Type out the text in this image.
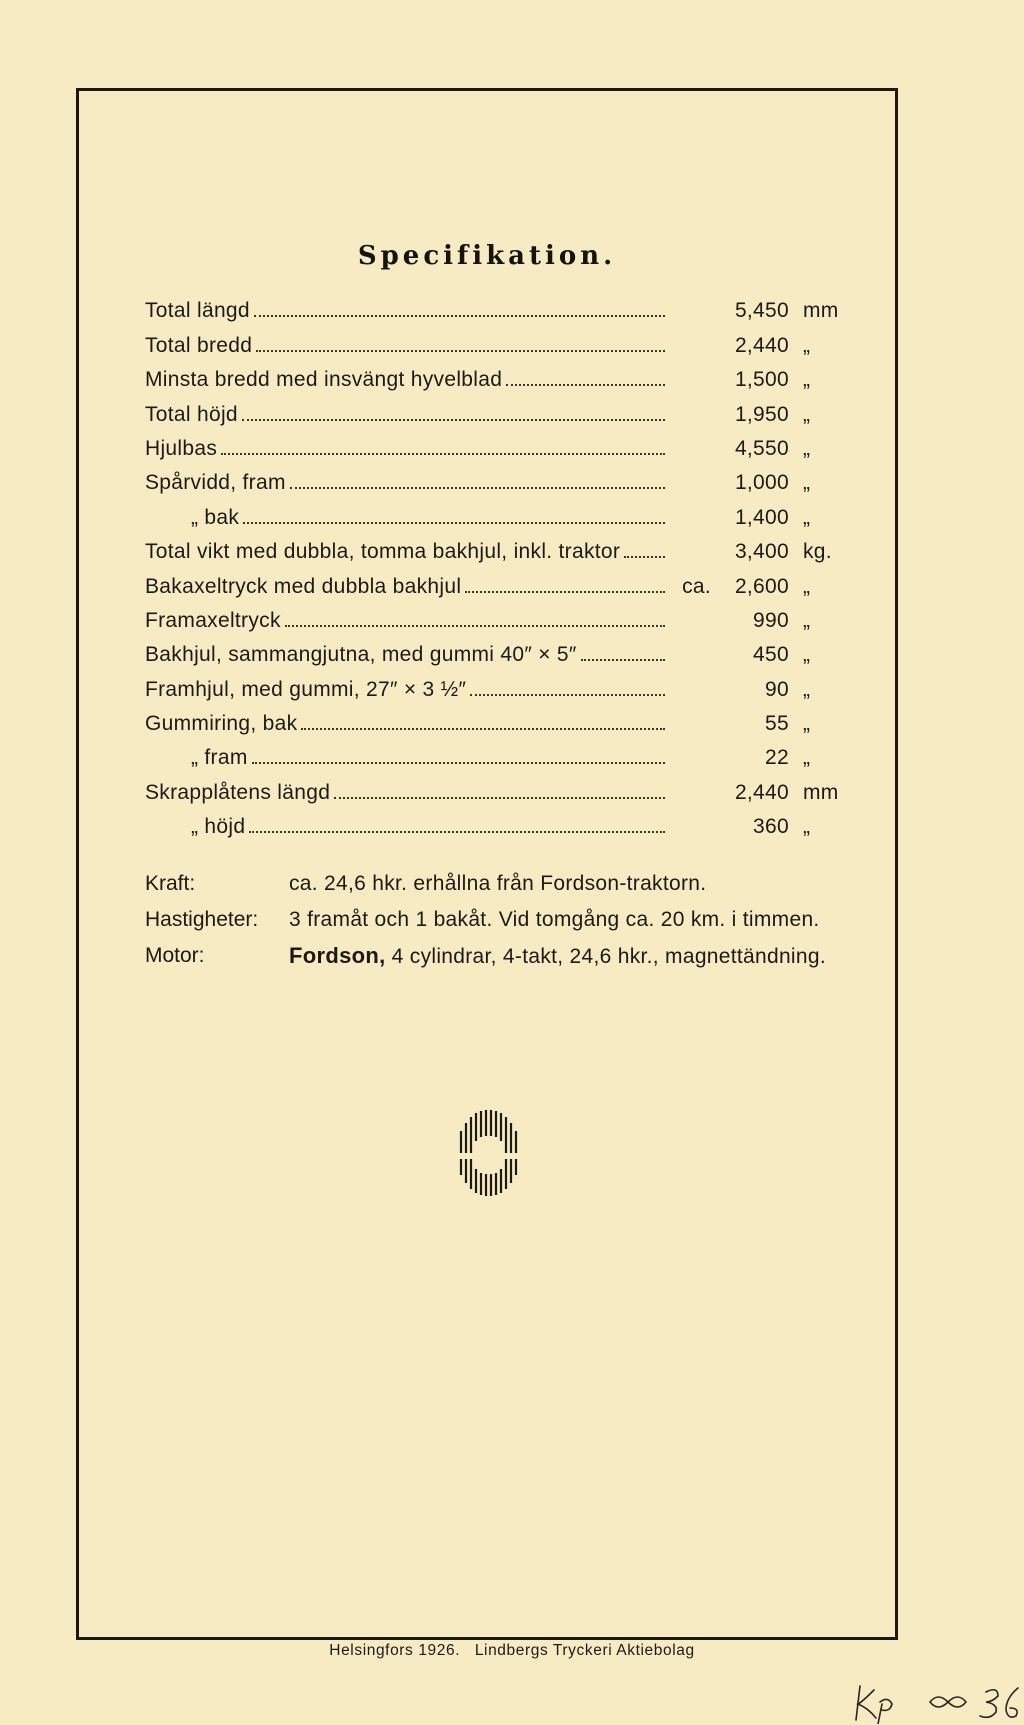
Specifikation.
Total längd	5,450 mm
Total bredd	2,440 „
Minsta bredd med insvängt hyvelblad	1,500 „
Total höjd	1,950 „
Hjulbas	4,550 „
Spårvidd, fram	1,000 „
„ bak	1,400 „
Total vikt med dubbla, tomma bakhjul, inkl. traktor	3,400 kg.
Bakaxeltryck med dubbla bakhjul	ca.	2,600 „
Framaxeltryck	990 „
Bakhjul, sammangjutna, med gummi 40″ × 5″	450 „
Framhjul, med gummi, 27″ × 3 ½″	90 „
Gummiring, bak	55 „
„ fram	22 „
Skrapplåtens längd	2,440 mm
„ höjd	360 „
Kraft:	ca. 24,6 hkr. erhållna från Fordson-traktorn.
Hastigheter:	3 framåt och 1 bakåt. Vid tomgång ca. 20 km. i timmen.
Motor:	Fordson, 4 cylindrar, 4-takt, 24,6 hkr., magnettändning.
Helsingfors 1926.   Lindbergs Tryckeri Aktiebolag
